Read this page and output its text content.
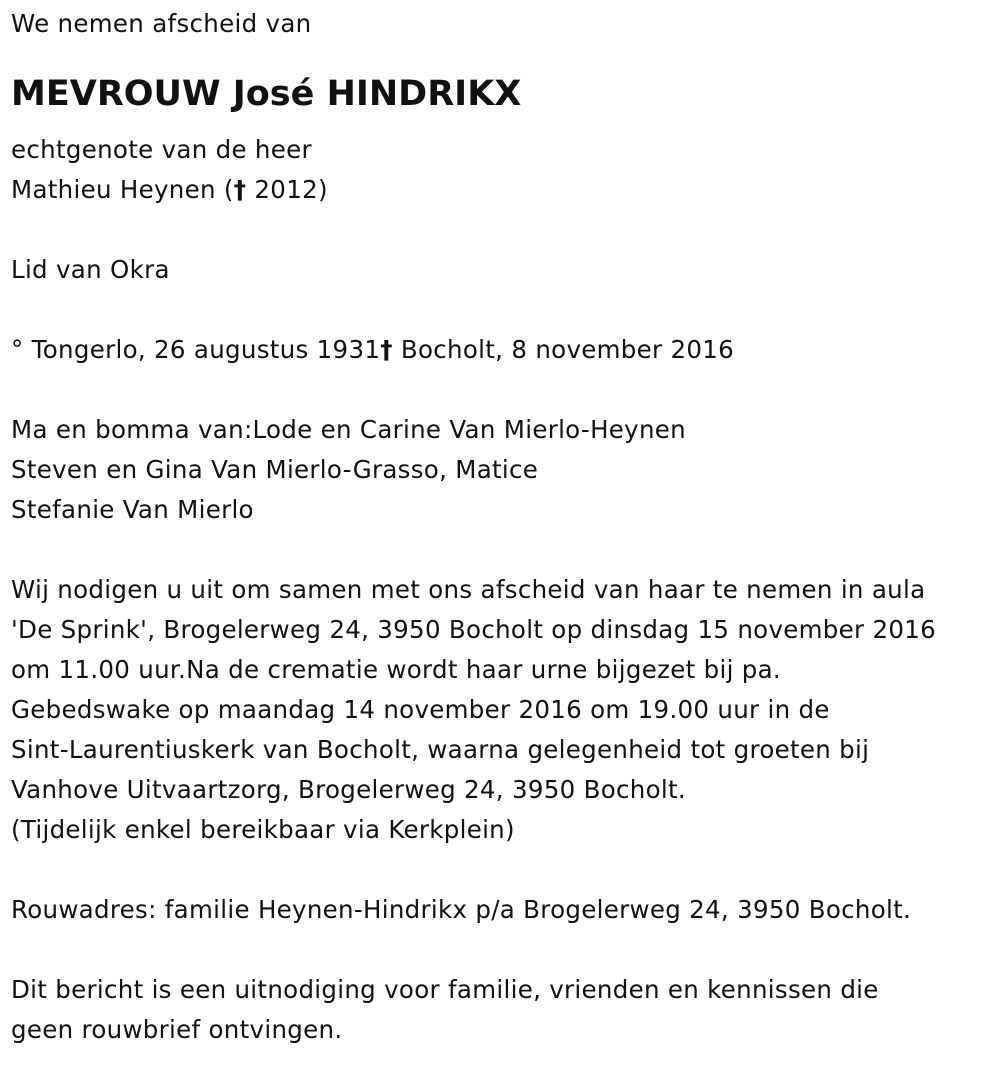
We nemen afscheid van
MEVROUW José HINDRIKX
echtgenote van de heer
Mathieu Heynen († 2012)
Lid van Okra
° Tongerlo, 26 augustus 1931† Bocholt, 8 november 2016
Ma en bomma van:Lode en Carine Van Mierlo-Heynen
Steven en Gina Van Mierlo-Grasso, Matice
Stefanie Van Mierlo
Wij nodigen u uit om samen met ons afscheid van haar te nemen in aula
'De Sprink', Brogelerweg 24, 3950 Bocholt op dinsdag 15 november 2016
om 11.00 uur.Na de crematie wordt haar urne bijgezet bij pa.
Gebedswake op maandag 14 november 2016 om 19.00 uur in de
Sint-Laurentiuskerk van Bocholt, waarna gelegenheid tot groeten bij
Vanhove Uitvaartzorg, Brogelerweg 24, 3950 Bocholt.
(Tijdelijk enkel bereikbaar via Kerkplein)
Rouwadres: familie Heynen-Hindrikx p/a Brogelerweg 24, 3950 Bocholt.
Dit bericht is een uitnodiging voor familie, vrienden en kennissen die
geen rouwbrief ontvingen.
